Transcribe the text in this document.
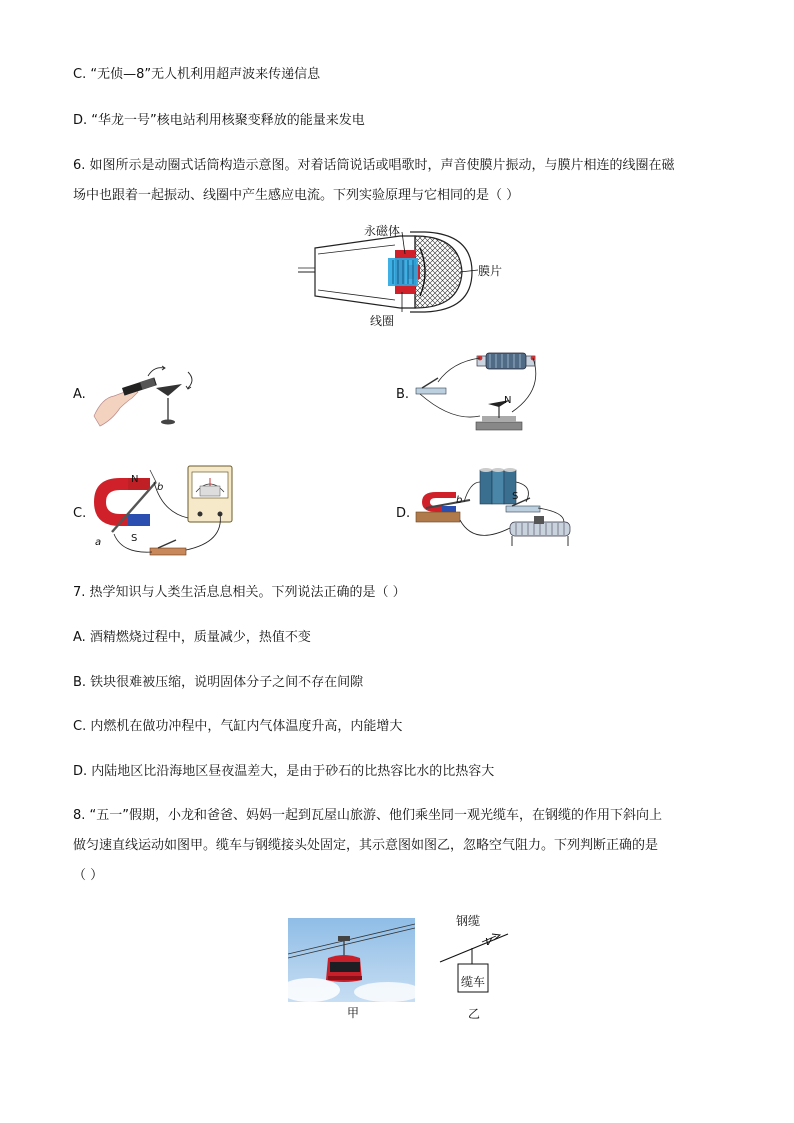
C. “无侦—8”无人机利用超声波来传递信息
D. “华龙一号”核电站利用核聚变释放的能量来发电
6. 如图所示是动圈式话筒构造示意图。对着话筒说话或唱歌时，声音使膜片振动，与膜片相连的线圈在磁
场中也跟着一起振动、线圈中产生感应电流。下列实验原理与它相同的是（ ）
永磁体
膜片
线圈
A.	B.	N
C.
N
S
a
b
D.
b	S
7. 热学知识与人类生活息息相关。下列说法正确的是（ ）
A. 酒精燃烧过程中，质量减少，热值不变
B. 铁块很难被压缩，说明固体分子之间不存在间隙
C. 内燃机在做功冲程中，气缸内气体温度升高，内能增大
D. 内陆地区比沿海地区昼夜温差大，是由于砂石的比热容比水的比热容大
8. “五一”假期，小龙和爸爸、妈妈一起到瓦屋山旅游、他们乘坐同一观光缆车，在钢缆的作用下斜向上
做匀速直线运动如图甲。缆车与钢缆接头处固定，其示意图如图乙，忽略空气阻力。下列判断正确的是
（ ）
甲
钢缆
v
缆车
乙
